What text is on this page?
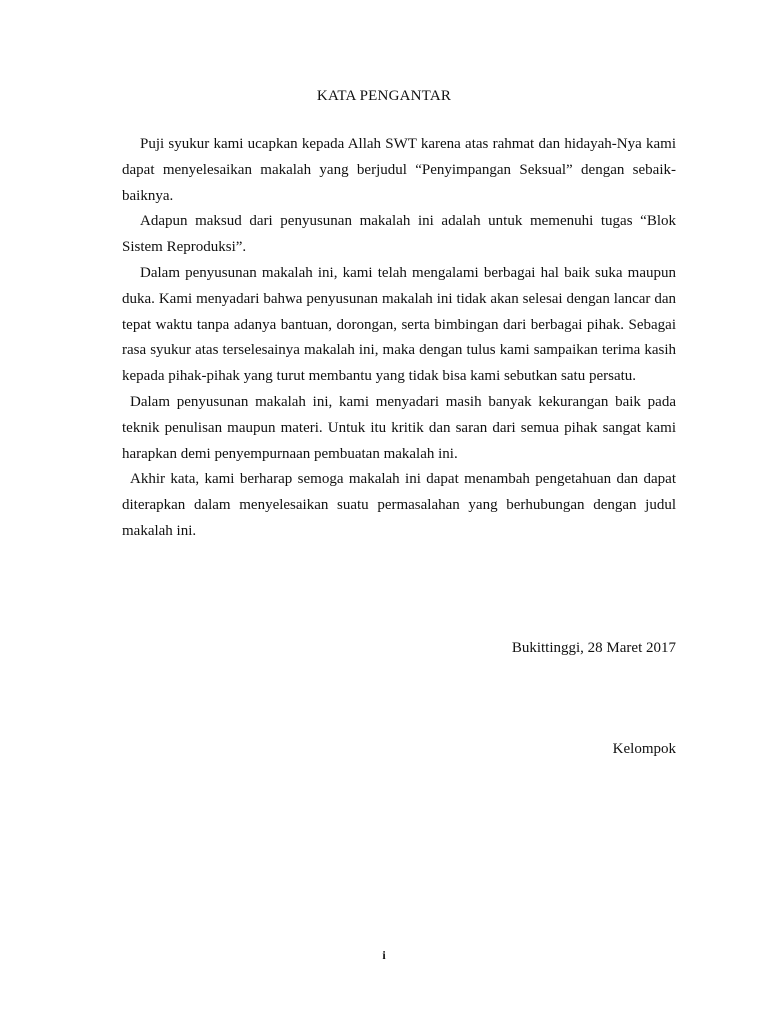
KATA PENGANTAR

Puji syukur kami ucapkan kepada Allah SWT karena atas rahmat dan hidayah-Nya kami dapat menyelesaikan makalah yang berjudul “Penyimpangan Seksual” dengan sebaik-baiknya.

Adapun maksud dari penyusunan makalah ini adalah untuk memenuhi tugas “Blok Sistem Reproduksi”.

Dalam penyusunan makalah ini, kami telah mengalami berbagai hal baik suka maupun duka. Kami menyadari bahwa penyusunan makalah ini tidak akan selesai dengan lancar dan tepat waktu tanpa adanya bantuan, dorongan, serta bimbingan dari berbagai pihak. Sebagai rasa syukur atas terselesainya makalah ini, maka dengan tulus kami sampaikan terima kasih kepada pihak-pihak yang turut membantu yang tidak bisa kami sebutkan satu persatu.

Dalam penyusunan makalah ini, kami menyadari masih banyak kekurangan baik pada teknik penulisan maupun materi. Untuk itu kritik dan saran dari semua pihak sangat kami harapkan demi penyempurnaan pembuatan makalah ini.

Akhir kata, kami berharap semoga makalah ini dapat menambah pengetahuan dan dapat diterapkan dalam menyelesaikan suatu permasalahan yang berhubungan dengan judul makalah ini.

Bukittinggi, 28 Maret 2017
Kelompok
i
